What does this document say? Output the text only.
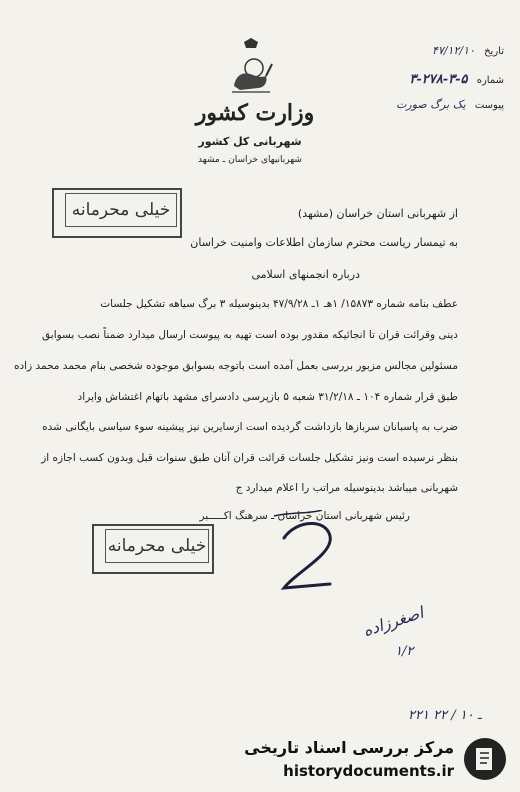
تاریخ ۴۷/۱۲/۱۰
شماره ۵-۳-۲۷۸-۳
پیوست یک برگ صورت
وزارت کشور
شهربانی کل کشور
شهربانیهای خراسان ـ مشهد
خیلی محرمانه	از شهربانی استان خراسان (مشهد)
به تیمسار ریاست محترم سازمان اطلاعات وامنیت خراسان
درباره انجمنهای اسلامی
عطف بنامه شماره ۱۵۸۷۳/ ۱هـ ۱ـ ۴۷/۹/۲۸ بدینوسیله ۳ برگ سیاهه تشکیل جلسات
دینی وقرائت قران تا انجائیکه مقدور بوده است تهیه به پیوست ارسال میدارد ضمناً نصب بسوابق
مسئولین مجالس مزبور بررسی بعمل آمده است باتوجه بسوابق موجوده شخصی بنام محمد محمد زاده
طبق قرار شماره ۱۰۴ ـ ۳۱/۲/۱۸ شعبه ۵ بازپرسی دادسرای مشهد باتهام اغتشاش وایراد
ضرب به پاسبانان سربازها بازداشت گردیده است ازسایرین نیز پیشینه سوء سیاسی بایگانی شده
بنظر نرسیده است ونیز تشکیل جلسات قرائت قران آنان طبق سنوات قبل وبدون کسب اجازه از
شهربانی میباشد بدینوسیله مراتب را اعلام میدارد ج
رئیس شهربانی استان خراسان ـ سرهنگ اکـــــبر
خیلی محرمانه
اصغرزاده
۱/۲
۲۲۱ ـ ۱۰ / ۲۲
مرکز بررسی اسناد تاریخی
historydocuments.ir
